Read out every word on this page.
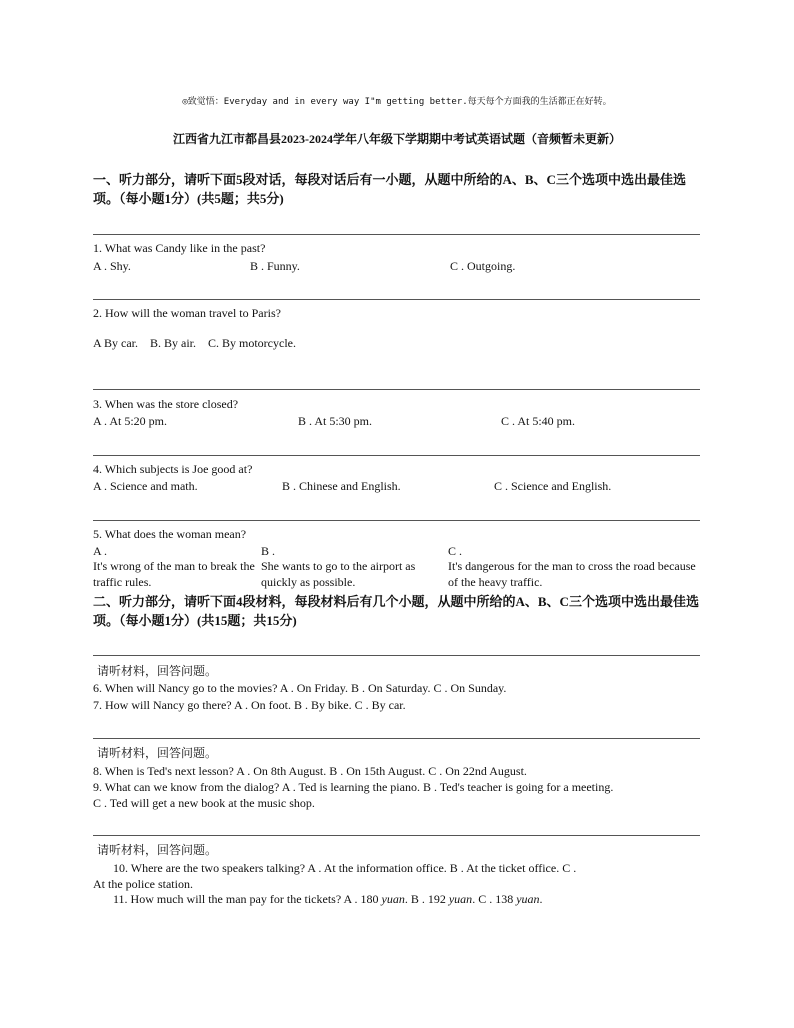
◎致觉悟：Everyday and in every way I"m getting better.每天每个方面我的生活都正在好转。
江西省九江市都昌县2023-2024学年八年级下学期期中考试英语试题（音频暂未更新）
一、听力部分，请听下面5段对话，每段对话后有一小题，从题中所给的A、B、C三个选项中选出最佳选项。（每小题1分）(共5题；共5分)
1. What was Candy like in the past?
A . Shy.	B . Funny.	C . Outgoing.
2. How will the woman travel to Paris?
A By car.    B. By air.    C. By motorcycle.
3. When was the store closed?
A . At 5:20 pm.	B . At 5:30 pm.	C . At 5:40 pm.
4. Which subjects is Joe good at?
A . Science and math.	B . Chinese and English.	C . Science and English.
5. What does the woman mean?
A .	B .	C .
It's wrong of the man to break the traffic rules.
She wants to go to the airport as quickly as possible.
It's dangerous for the man to cross the road because of the heavy traffic.
二、听力部分，请听下面4段材料，每段材料后有几个小题，从题中所给的A、B、C三个选项中选出最佳选项。（每小题1分）(共15题；共15分)
请听材料，回答问题。
6. When will Nancy go to the movies? A . On Friday. B . On Saturday. C . On Sunday.
7. How will Nancy go there? A . On foot. B . By bike. C . By car.
请听材料，回答问题。
8. When is Ted's next lesson? A . On 8th August. B . On 15th August. C . On 22nd August.
9. What can we know from the dialog? A . Ted is learning the piano. B . Ted's teacher is going for a meeting.
C . Ted will get a new book at the music shop.
请听材料，回答问题。
10. Where are the two speakers talking? A . At the information office. B . At the ticket office. C .
At the police station.
11. How much will the man pay for the tickets? A . 180 yuan. B . 192 yuan. C . 138 yuan.
